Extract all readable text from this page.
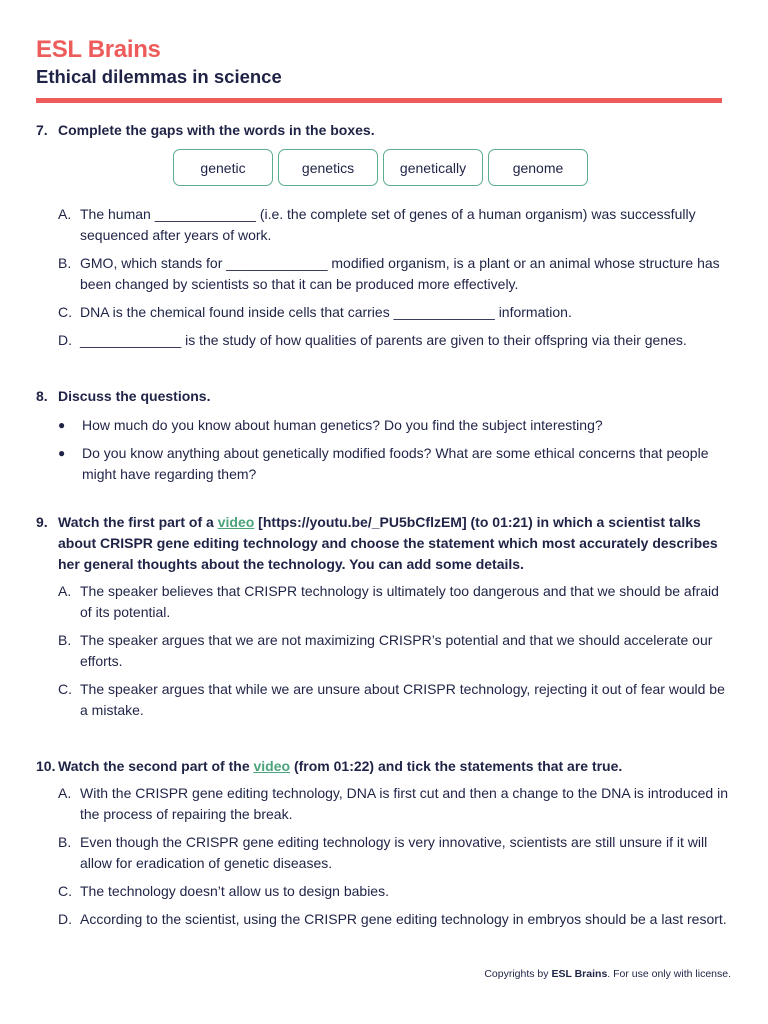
ESL Brains
Ethical dilemmas in science
7. Complete the gaps with the words in the boxes.
genetic	genetics	genetically	genome
A. The human _____________ (i.e. the complete set of genes of a human organism) was successfully sequenced after years of work.
B. GMO, which stands for _____________ modified organism, is a plant or an animal whose structure has been changed by scientists so that it can be produced more effectively.
C. DNA is the chemical found inside cells that carries _____________ information.
D. _____________ is the study of how qualities of parents are given to their offspring via their genes.
8. Discuss the questions.
●	How much do you know about human genetics? Do you find the subject interesting?
●	Do you know anything about genetically modified foods? What are some ethical concerns that people might have regarding them?
9. Watch the first part of a video [https://youtu.be/_PU5bCflzEM] (to 01:21) in which a scientist talks about CRISPR gene editing technology and choose the statement which most accurately describes her general thoughts about the technology. You can add some details.
A. The speaker believes that CRISPR technology is ultimately too dangerous and that we should be afraid of its potential.
B. The speaker argues that we are not maximizing CRISPR’s potential and that we should accelerate our efforts.
C. The speaker argues that while we are unsure about CRISPR technology, rejecting it out of fear would be a mistake.
10. Watch the second part of the video (from 01:22) and tick the statements that are true.
A. With the CRISPR gene editing technology, DNA is first cut and then a change to the DNA is introduced in the process of repairing the break.
B. Even though the CRISPR gene editing technology is very innovative, scientists are still unsure if it will allow for eradication of genetic diseases.
C. The technology doesn’t allow us to design babies.
D. According to the scientist, using the CRISPR gene editing technology in embryos should be a last resort.
Copyrights by ESL Brains. For use only with license.
